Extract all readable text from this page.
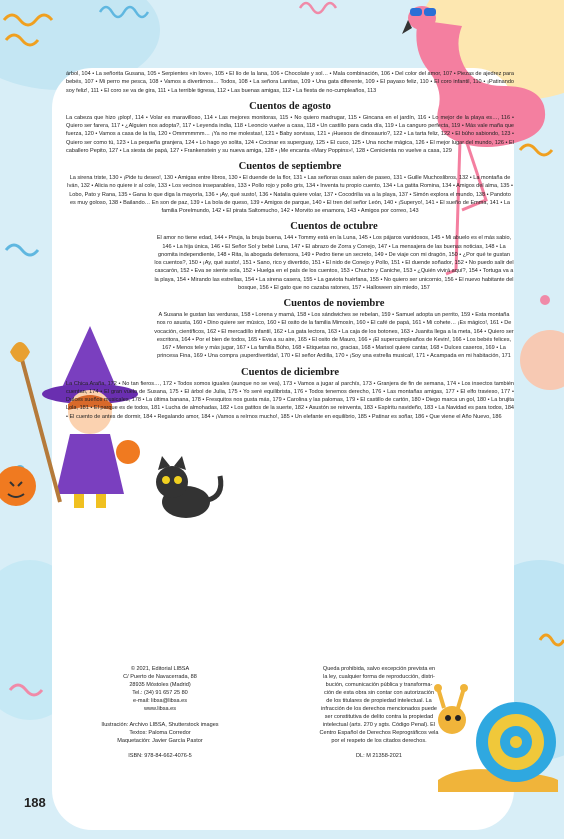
árbol, 104 • La señorita Gusana, 105 • Serpientes «in love», 105 • El lío de la lana, 106 • Chocolate y sol… • Mala combinación, 106 • Del color del amor, 107 • Piezas de ajedrez para bebés, 107 • Mi perro me pesca, 108 • Vamos a divertirnos… Todos, 108 • La señora Lanitas, 109 • Una gata diferente, 109 • El payaso feliz, 110 • El coro infantil, 110 • ¡Patinando soy feliz!, 111 • El coro se va de gira, 111 • La terrible tigresa, 112 • Las buenas amigas, 112 • La fiesta de no-cumpleaños, 113

Cuentos de agosto

La cabeza que hizo ¡plop!, 114 • Volar es maravilloso, 114 • Las mejores monitoras, 115 • No quiero madrugar, 115 • Gincana en el jardín, 116 • Lo mejor de la playa es…, 116 • Quiero ser farera, 117 • ¿Alguien nos adopta?, 117 • Leyenda india, 118 • Leoncio vuelve a casa, 118 • Un castillo para cada día, 119 • La canguro perfecta, 119 • Más vale maña que fuerza, 120 • Vamos a casa de la tía, 120 • Ommmmmm… ¡Ya no me molestas!, 121 • Baby sorvisas, 121 • ¡Huesos de dinosaurio?, 122 • La tarta feliz, 122 • El búho sabiondo, 123 • Quiero ser como tú, 123 • La pequeña granjera, 124 • Lo hago yo solita, 124 • Cocinar es superguay, 125 • El cuco, 125 • Una noche mágica, 126 • El mejor lugar del mundo, 126 • El caballero Pepito, 127 • La siesta de papá, 127 • Frankenstein y su nueva amiga, 128 • ¡Me encanta «Mary Poppins»!, 128 • Cenicienta no vuelve a casa, 129

Cuentos de septiembre

La sirena triste, 130 • ¡Pide tu deseo!, 130 • Amigas entre libros, 130 • El duende de la flor, 131 • Las señoras osas salen de paseo, 131 • Guille Muchoslibros, 132 • La montaña de Iván, 132 • Alicia no quiere ir al cole, 133 • Los vecinos inseparables, 133 • Pollo rojo y pollo gris, 134 • Inventa tu propio cuento, 134 • La gatita Romina, 134 • Amigos del alma, 135 • Lobo, Pato y Rana, 135 • Gana lo que diga la mayoría, 136 • ¡Ay, qué susto!, 136 • Natalia quiere volar, 137 • Cocodrilia va a la playa, 137 • Simón explora el mundo, 138 • Pandoto es muy goloso, 138 • Bailando… En son de paz, 139 • La bola de queso, 139 • Amigos de parque, 140 • El tren del señor León, 140 • ¡Superyo!, 141 • El sueño de Emma, 141 • La familia Porelmundo, 142 • El pirata Saltomucho, 142 • Morvito se enamora, 143 • Amigos por correo, 143

Cuentos de octubre

El amor no tiene edad, 144 • Piruja, la bruja buena, 144 • Tommy está en la Luna, 145 • Los pájaros vanidosos, 145 • Mi abuelo es el más sabio, 146 • La hija única, 146 • El Señor Sol y bebé Luna, 147 • El abrazo de Zorra y Conejo, 147 • La mensajera de las buenas noticias, 148 • La gnomita independiente, 148 • Rita, la abogada defensora, 149 • Pedro tiene un secreto, 149 • De viaje con mi dragón, 150 • ¿Por qué te gustan los cuentos?, 150 • ¡Ay, qué susto!, 151 • Sano, rico y divertido, 151 • El nido de Conejo y Pollo, 151 • El duende soñador, 152 • No puedo salir del cascarón, 152 • Eva se siente sola, 152 • Huelga en el país de los cuentos, 153 • Chucho y Caniche, 153 • ¿Quién vivirá aquí?, 154 • Tortuga va a la playa, 154 • Mirando las estrellas, 154 • La sirena casera, 155 • La gaviota huérfana, 155 • No quiero ser unicornio, 156 • El nuevo habitante del bosque, 156 • El gato que no cazaba ratones, 157 • Halloween sin miedo, 157

Cuentos de noviembre

A Susana le gustan las verduras, 158 • Lorena y mamá, 158 • Los sándwiches se rebelan, 159 • Samuel adopta un perrito, 159 • Esta montaña nos ro asusta, 160 • Dino quiere ser músico, 160 • El osito de la familia Mimosín, 160 • El café de papá, 161 • Mi cohete… ¡Es mágico!, 161 • De vocación, científicos, 162 • El mercadillo infantil, 162 • La gata lectora, 163 • La caja de los botones, 163 • Juanita llega a la meta, 164 • Quiero ser escritora, 164 • Por el bien de todos, 165 • Eva a su aire, 165 • El osito de Mauro, 166 • ¡El supercumpleaños de Kevin!, 166 • Los bebés felices, 167 • Menos tele y más jugar, 167 • La familia Búho, 168 • Etiquetas no, gracias, 168 • Marisol quiere cantar, 168 • Dulces caseros, 169 • La princesa Fina, 169 • Una compra ¡superdivertida!, 170 • El señor Ardilla, 170 • ¡Soy una estrella musical!, 171 • Acampada en mi habitación, 171

Cuentos de diciembre

La Chica Araña, 172 • No tan fieros…, 172 • Todos somos iguales (aunque no se vea), 173 • Vamos a jugar al parchís, 173 • Granjera de fin de semana, 174 • Los insectos también cuentan, 174 • El gran vuelo de Susana, 175 • El árbol de Julia, 175 • Yo seré equilibrista, 176 • Todos tenemos derecho, 176 • Las montañas amigas, 177 • El elfo travieso, 177 • Dulces sueños musicales, 178 • La última banana, 178 • Fresquitos nos gusta más, 179 • Carolina y las palomas, 179 • El castillo de cartón, 180 • Diego marca un gol, 180 • La brujita Lola, 181 • El parque es de todos, 181 • Lucha de almohadas, 182 • Los gatitos de la suerte, 182 • Asustón se reinventa, 183 • Espíritu navideño, 183 • La Navidad es para todos, 184 • El cuento de antes de dormir, 184 • Regalando amor, 184 • ¡Vamos a reírnos mucho!, 185 • Un elefante en equilibrio, 185 • Patinar es soñar, 186 • Que viene el Año Nuevo, 186

© 2021, Editorial LIBSA
C/ Puerto de Navacerrada, 88
28935 Móstoles (Madrid)
Tel.: (34) 91 657 25 80
e-mail: libsa@libsa.es
www.libsa.es
Ilustración: Archivo LIBSA, Shutterstock images
Textos: Paloma Corredor
Maquetación: Javier García Pastor
ISBN: 978-84-662-4076-5
Queda prohibida, salvo excepción prevista en
la ley, cualquier forma de reproducción, distri-
bución, comunicación pública y transforma-
ción de esta obra sin contar con autorización
de los titulares de propiedad intelectual. La
infracción de los derechos mencionados puede
ser constitutiva de delito contra la propiedad
intelectual (arts. 270 y sgts. Código Penal). El
Centro Español de Derechos Reprográficos vela
por el respeto de los citados derechos.
DL: M 21358-2021
188
